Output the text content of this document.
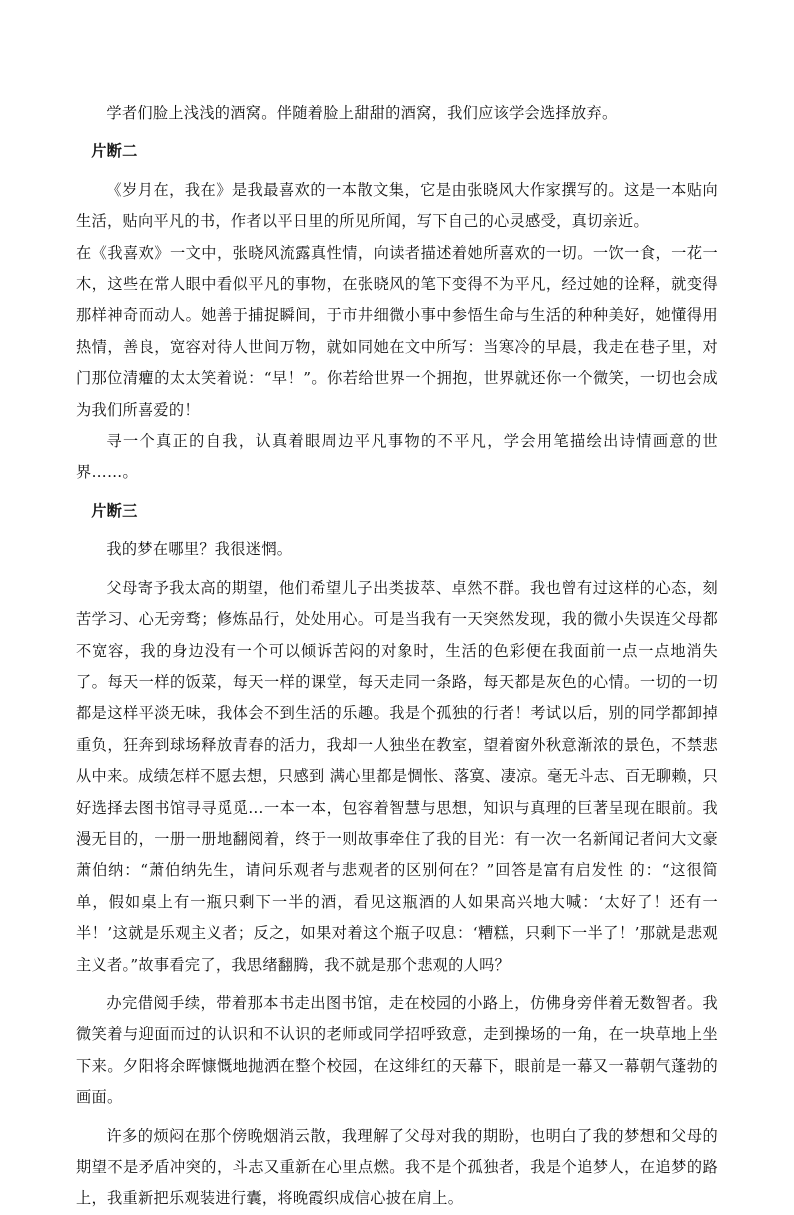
学者们脸上浅浅的酒窝。伴随着脸上甜甜的酒窝，我们应该学会选择放弃。

片断二

《岁月在，我在》是我最喜欢的一本散文集，它是由张晓风大作家撰写的。这是一本贴向生活，贴向平凡的书，作者以平日里的所见所闻，写下自己的心灵感受，真切亲近。

在《我喜欢》一文中，张晓风流露真性情，向读者描述着她所喜欢的一切。一饮一食，一花一木，这些在常人眼中看似平凡的事物，在张晓风的笔下变得不为平凡，经过她的诠释，就变得那样神奇而动人。她善于捕捉瞬间，于市井细微小事中参悟生命与生活的种种美好，她懂得用热情，善良，宽容对待人世间万物，就如同她在文中所写：当寒冷的早晨，我走在巷子里，对门那位清癯的太太笑着说：“早！”。你若给世界一个拥抱，世界就还你一个微笑，一切也会成为我们所喜爱的！

寻一个真正的自我，认真着眼周边平凡事物的不平凡，学会用笔描绘出诗情画意的世界……。

片断三

我的梦在哪里？我很迷惘。

父母寄予我太高的期望，他们希望儿子出类拔萃、卓然不群。我也曾有过这样的心态，刻苦学习、心无旁骛；修炼品行，处处用心。可是当我有一天突然发现，我的微小失误连父母都不宽容，我的身边没有一个可以倾诉苦闷的对象时，生活的色彩便在我面前一点一点地消失了。每天一样的饭菜，每天一样的课堂，每天走同一条路，每天都是灰色的心情。一切的一切都是这样平淡无味，我体会不到生活的乐趣。我是个孤独的行者！考试以后，别的同学都卸掉重负，狂奔到球场释放青春的活力，我却一人独坐在教室，望着窗外秋意渐浓的景色，不禁悲从中来。成绩怎样不愿去想，只感到 满心里都是惆怅、落寞、凄凉。毫无斗志、百无聊赖，只好选择去图书馆寻寻觅觅…一本一本，包容着智慧与思想，知识与真理的巨著呈现在眼前。我漫无目的，一册一册地翻阅着，终于一则故事牵住了我的目光：有一次一名新闻记者问大文豪萧伯纳：“萧伯纳先生，请问乐观者与悲观者的区别何在？”回答是富有启发性 的：“这很简单，假如桌上有一瓶只剩下一半的酒，看见这瓶酒的人如果高兴地大喊：‘太好了！还有一半！’这就是乐观主义者；反之，如果对着这个瓶子叹息：‘糟糕，只剩下一半了！’那就是悲观主义者。”故事看完了，我思绪翻腾，我不就是那个悲观的人吗？

办完借阅手续，带着那本书走出图书馆，走在校园的小路上，仿佛身旁伴着无数智者。我微笑着与迎面而过的认识和不认识的老师或同学招呼致意，走到操场的一角，在一块草地上坐下来。夕阳将余晖慷慨地抛洒在整个校园，在这绯红的天幕下，眼前是一幕又一幕朝气蓬勃的画面。

许多的烦闷在那个傍晚烟消云散，我理解了父母对我的期盼，也明白了我的梦想和父母的期望不是矛盾冲突的，斗志又重新在心里点燃。我不是个孤独者，我是个追梦人，在追梦的路上，我重新把乐观装进行囊，将晚霞织成信心披在肩上。
